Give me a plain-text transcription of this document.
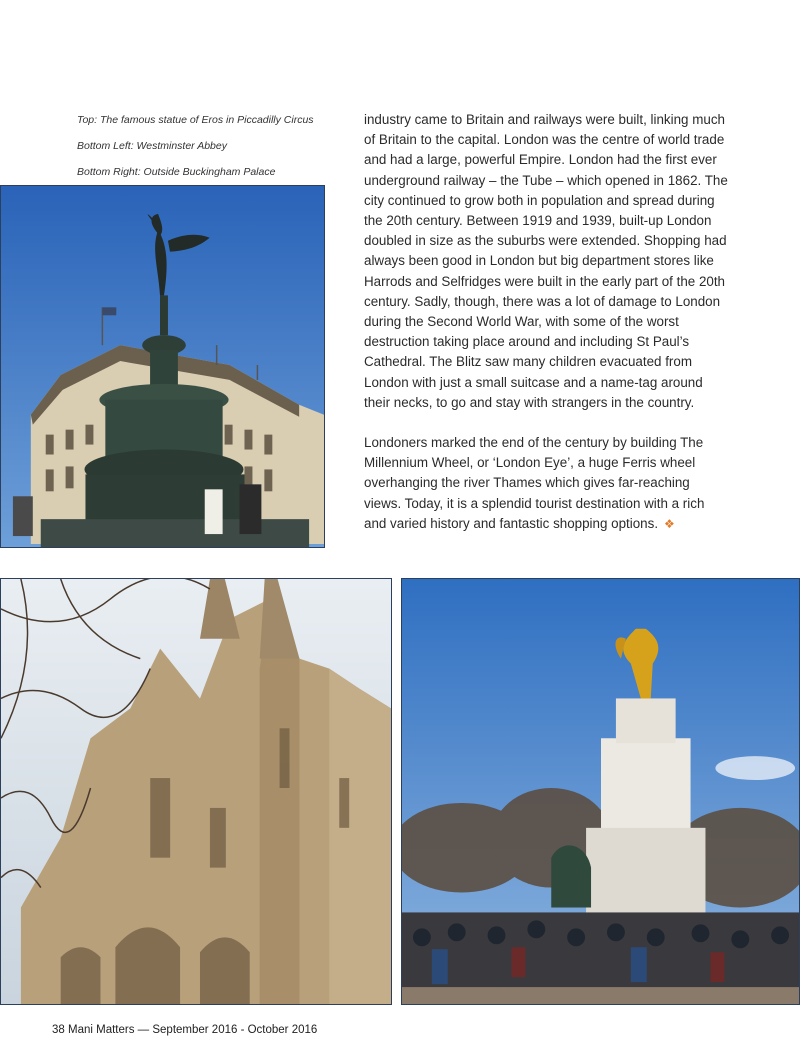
Top: The famous statue of Eros in Piccadilly Circus
Bottom Left: Westminster Abbey
Bottom Right: Outside Buckingham Palace

industry came to Britain and railways were built, linking much of Britain to the capital. London was the centre of world trade and had a large, powerful Empire. London had the first ever underground railway – the Tube – which opened in 1862. The city continued to grow both in population and spread during the 20th century. Between 1919 and 1939, built-up London doubled in size as the suburbs were extended. Shopping had always been good in London but big department stores like Harrods and Selfridges were built in the early part of the 20th century. Sadly, though, there was a lot of damage to London during the Second World War, with some of the worst destruction taking place around and including St Paul’s Cathedral. The Blitz saw many children evacuated from London with just a small suitcase and a name-tag around their necks, to go and stay with strangers in the country.

Londoners marked the end of the century by building The Millennium Wheel, or ‘London Eye’, a huge Ferris wheel overhanging the river Thames which gives far-reaching views. Today, it is a splendid tourist destination with a rich and varied history and fantastic shopping options. ❖

38 Mani Matters — September 2016 - October 2016
